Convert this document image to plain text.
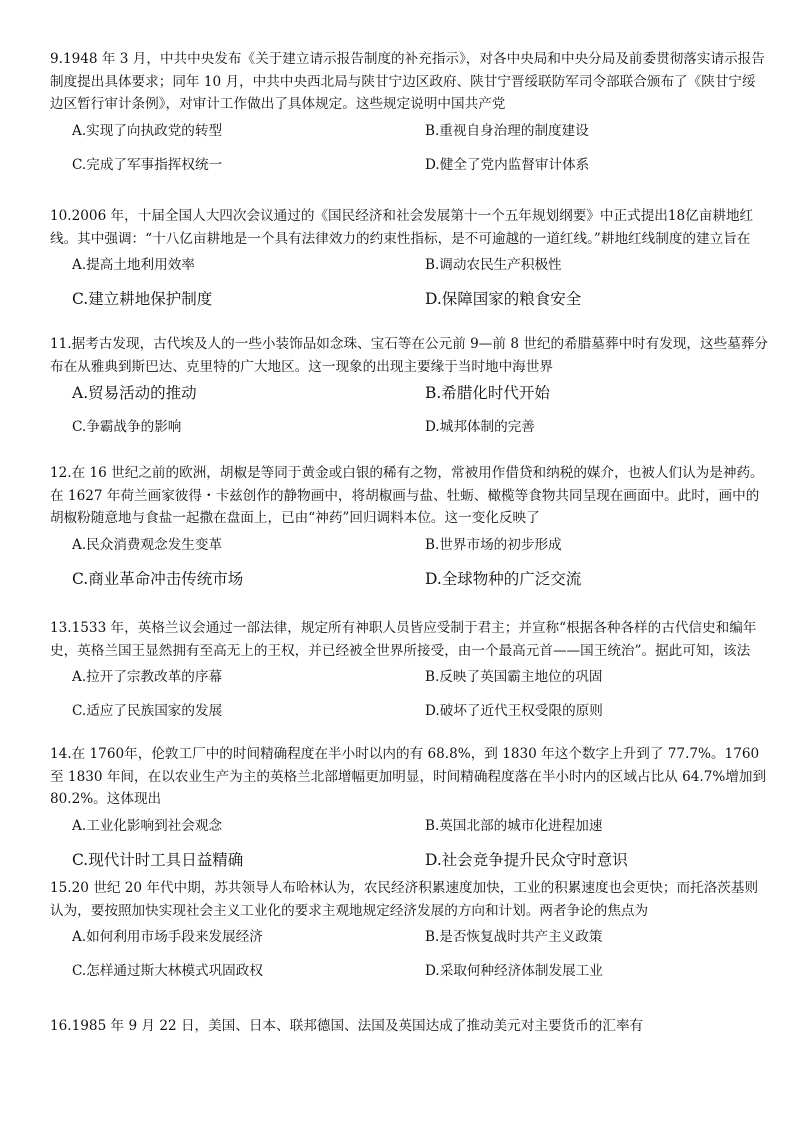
9.1948 年 3 月，中共中央发布《关于建立请示报告制度的补充指示》，对各中央局和中央分局及前委贯彻落实请示报告制度提出具体要求；同年 10 月，中共中央西北局与陕甘宁边区政府、陕甘宁晋绥联防军司令部联合颁布了《陕甘宁绥边区暂行审计条例》，对审计工作做出了具体规定。这些规定说明中国共产党
A.实现了向执政党的转型	B.重视自身治理的制度建设
C.完成了军事指挥权统一	D.健全了党内监督审计体系
10.2006 年，十届全国人大四次会议通过的《国民经济和社会发展第十一个五年规划纲要》中正式提出18亿亩耕地红线。其中强调：“十八亿亩耕地是一个具有法律效力的约束性指标，是不可逾越的一道红线。”耕地红线制度的建立旨在
A.提高土地利用效率	B.调动农民生产积极性
C.建立耕地保护制度	D.保障国家的粮食安全
11.据考古发现，古代埃及人的一些小装饰品如念珠、宝石等在公元前 9—前 8 世纪的希腊墓葬中时有发现，这些墓葬分布在从雅典到斯巴达、克里特的广大地区。这一现象的出现主要缘于当时地中海世界
A.贸易活动的推动	B.希腊化时代开始
C.争霸战争的影响	D.城邦体制的完善
12.在 16 世纪之前的欧洲，胡椒是等同于黄金或白银的稀有之物，常被用作借贷和纳税的媒介，也被人们认为是神药。在 1627 年荷兰画家彼得・卡兹创作的静物画中，将胡椒画与盐、牡蛎、橄榄等食物共同呈现在画面中。此时，画中的胡椒粉随意地与食盐一起撒在盘面上，已由“神药”回归调料本位。这一变化反映了
A.民众消费观念发生变革	B.世界市场的初步形成
C.商业革命冲击传统市场	D.全球物种的广泛交流
13.1533 年，英格兰议会通过一部法律，规定所有神职人员皆应受制于君主；并宣称“根据各种各样的古代信史和编年史，英格兰国王显然拥有至高无上的王权，并已经被全世界所接受，由一个最高元首——国王统治”。据此可知，该法
A.拉开了宗教改革的序幕	B.反映了英国霸主地位的巩固
C.适应了民族国家的发展	D.破坏了近代王权受限的原则
14.在 1760年，伦敦工厂中的时间精确程度在半小时以内的有 68.8%，到 1830 年这个数字上升到了 77.7%。1760 至 1830 年间，在以农业生产为主的英格兰北部增幅更加明显，时间精确程度落在半小时内的区域占比从 64.7%增加到 80.2%。这体现出
A.工业化影响到社会观念	B.英国北部的城市化进程加速
C.现代计时工具日益精确	D.社会竞争提升民众守时意识
15.20 世纪 20 年代中期，苏共领导人布哈林认为，农民经济积累速度加快，工业的积累速度也会更快；而托洛茨基则认为，要按照加快实现社会主义工业化的要求主观地规定经济发展的方向和计划。两者争论的焦点为
A.如何利用市场手段来发展经济	B.是否恢复战时共产主义政策
C.怎样通过斯大林模式巩固政权	D.采取何种经济体制发展工业
16.1985 年 9 月 22 日，美国、日本、联邦德国、法国及英国达成了推动美元对主要货币的汇率有
